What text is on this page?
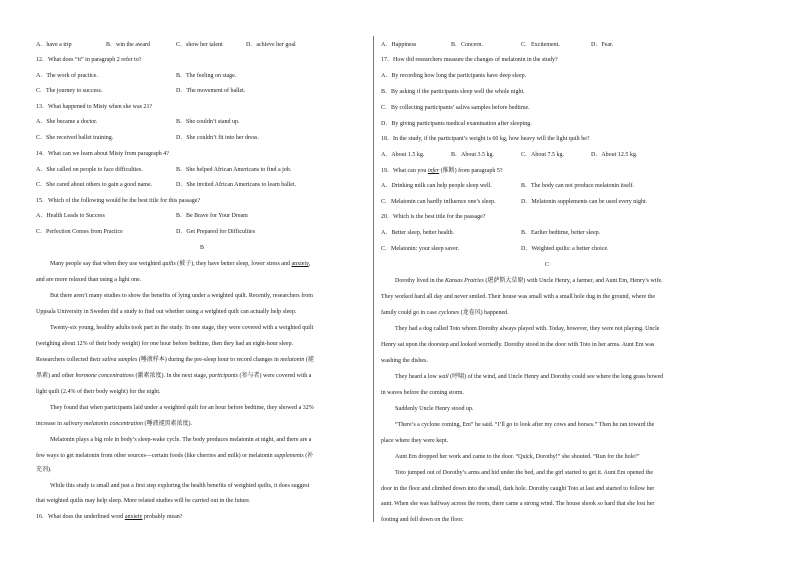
A．have a trip	B．win the award	C．show her talent	D．achieve her goal
12．What does “it” in paragraph 2 refer to?
A．The work of practice.	B．The feeling on stage.
C．The journey to success.	D．The movement of ballet.
13．What happened to Misty when she was 21?
A．She became a doctor.	B．She couldn’t stand up.
C．She received ballet training.	D．She couldn’t fit into her dress.
14．What can we learn about Misty from paragraph 4?
A．She called on people to face difficulties.	B．She helped African Americans to find a job.
C．She cared about others to gain a good name.	D．She invited African Americans to learn ballet.
15．Which of the following would be the best title for this passage?
A．Health Leads to Success	B．Be Brave for Your Dream
C．Perfection Comes from Practice	D．Get Prepared for Difficulties
B
Many people say that when they use weighted quilts (被子), they have better sleep, lower stress and anxiety,
and are more relaxed than using a light one.
But there aren’t many studies to show the benefits of lying under a weighted quilt. Recently, researchers from
Uppsala University in Sweden did a study to find out whether using a weighted quilt can actually help sleep.
Twenty-six young, healthy adults took part in the study. In one stage, they were covered with a weighted quilt
(weighing about 12% of their body weight) for one hour before bedtime, then they had an eight-hour sleep.
Researchers collected their saliva samples (唾液样本) during the pre-sleep hour to record changes in melatonin (褪
黑素) and other hormone concentrations (激素浓度). In the next stage, participants (参与者) were covered with a
light quilt (2.4% of their body weight) for the night.
They found that when participants laid under a weighted quilt for an hour before bedtime, they showed a 32%
increase in salivary melatonin concentration (唾液褪黑素浓度).
Melatonin plays a big role in body’s sleep-wake cycle. The body produces melatonin at night, and there are a
few ways to get melatonin from other sources—certain foods (like cherries and milk) or melatonin supplements (补
充剂).
While this study is small and just a first step exploring the health benefits of weighted quilts, it does suggest
that weighted quilts may help sleep. More related studies will be carried out in the future.
16．What does the underlined word anxiety probably mean?
A．Happiness	B．Concern.	C．Excitement.	D．Fear.
17．How did researchers measure the changes of melatonin in the study?
A．By recording how long the participants have deep sleep.
B．By asking if the participants sleep well the whole night.
C．By collecting participants’ saliva samples before bedtime.
D．By giving participants medical examination after sleeping.
18．In the study, if the participant’s weight is 60 kg, how heavy will the light quilt be?
A．About 1.5 kg.	B．About 3.5 kg.	C．About 7.5 kg.	D．About 12.5 kg.
19．What can you infer (推断) from paragraph 5?
A．Drinking milk can help people sleep well.	B．The body can not produce melatonin itself.
C．Melatonin can hardly influence one’s sleep.	D．Melatonin supplements can be used every night.
20．Which is the best title for the passage?
A．Better sleep, better health.	B．Earlier bedtime, better sleep.
C．Melatonin: your sleep saver.	D．Weighted quilts: a better choice.
C
Dorothy lived in the Kansas Prairies (堪萨斯大草原) with Uncle Henry, a farmer, and Aunt Em, Henry’s wife.
They worked hard all day and never smiled. Their house was small with a small hole dug in the ground, where the
family could go in case cyclones (龙卷风) happened.
They had a dog called Toto whom Dorothy always played with. Today, however, they were not playing. Uncle
Henry sat upon the doorstep and looked worriedly. Dorothy stood in the door with Toto in her arms. Aunt Em was
washing the dishes.
They heard a low wail (呼啸) of the wind, and Uncle Henry and Dorothy could see where the long grass bowed
in waves before the coming storm.
Suddenly Uncle Henry stood up.
“There’s a cyclone coming, Em” he said. “I’ll go to look after my cows and horses.” Then he ran toward the
place where they were kept.
Aunt Em dropped her work and came to the door. “Quick, Dorothy!” she shouted. “Run for the hole!”
Toto jumped out of Dorothy’s arms and hid under the bed, and the girl started to get it. Aunt Em opened the
door in the floor and climbed down into the small, dark hole. Dorothy caught Toto at last and started to follow her
aunt. When she was halfway across the room, there came a strong wind. The house shook so hard that she lost her
footing and fell down on the floor.
